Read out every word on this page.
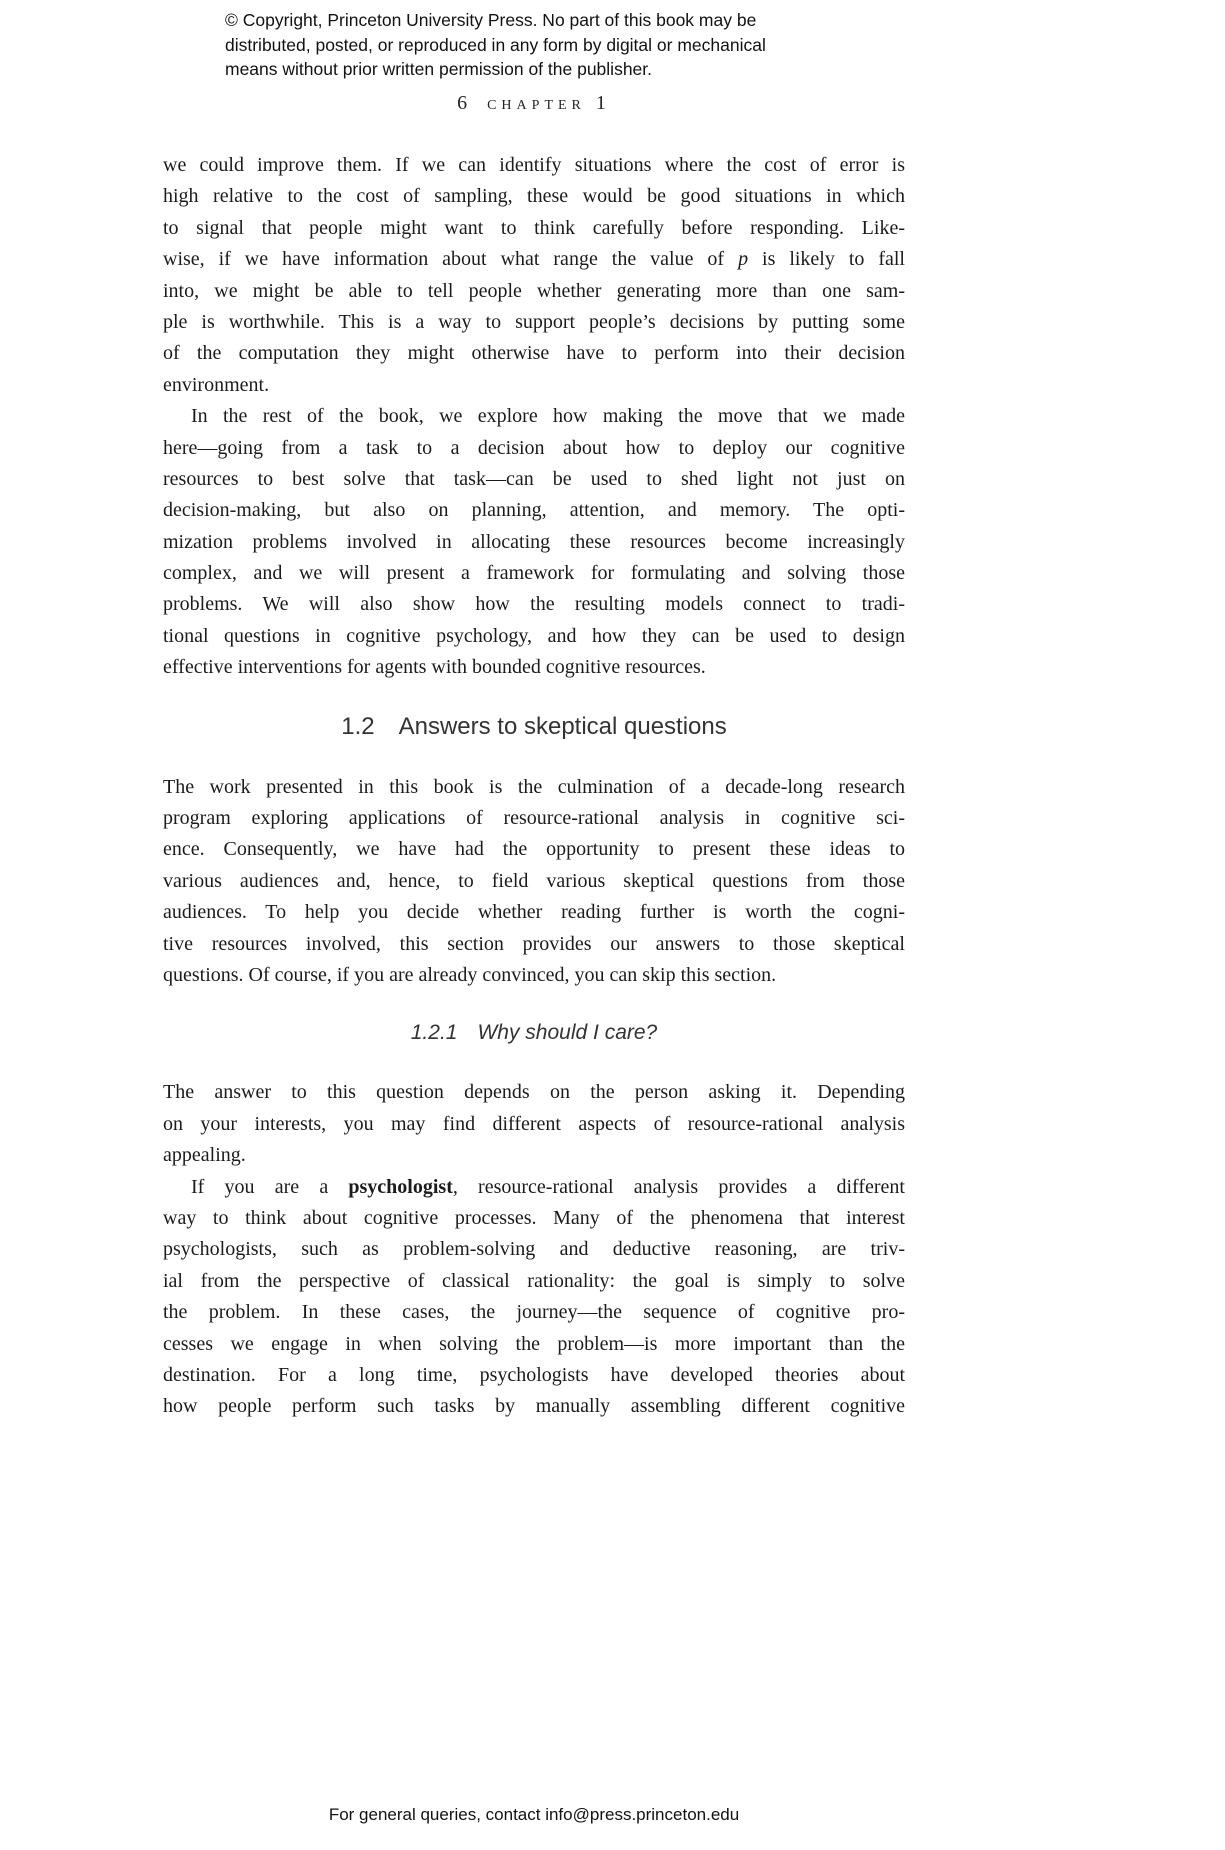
© Copyright, Princeton University Press. No part of this book may be
distributed, posted, or reproduced in any form by digital or mechanical
means without prior written permission of the publisher.
6 chapter 1
we could improve them. If we can identify situations where the cost of error is
high relative to the cost of sampling, these would be good situations in which
to signal that people might want to think carefully before responding. Like-
wise, if we have information about what range the value of p is likely to fall
into, we might be able to tell people whether generating more than one sam-
ple is worthwhile. This is a way to support people’s decisions by putting some
of the computation they might otherwise have to perform into their decision
environment.
In the rest of the book, we explore how making the move that we made
here—going from a task to a decision about how to deploy our cognitive
resources to best solve that task—can be used to shed light not just on
decision-making, but also on planning, attention, and memory. The opti-
mization problems involved in allocating these resources become increasingly
complex, and we will present a framework for formulating and solving those
problems. We will also show how the resulting models connect to tradi-
tional questions in cognitive psychology, and how they can be used to design
effective interventions for agents with bounded cognitive resources.
1.2 Answers to skeptical questions
The work presented in this book is the culmination of a decade-long research
program exploring applications of resource-rational analysis in cognitive sci-
ence. Consequently, we have had the opportunity to present these ideas to
various audiences and, hence, to field various skeptical questions from those
audiences. To help you decide whether reading further is worth the cogni-
tive resources involved, this section provides our answers to those skeptical
questions. Of course, if you are already convinced, you can skip this section.
1.2.1 Why should I care?
The answer to this question depends on the person asking it. Depending
on your interests, you may find different aspects of resource-rational analysis
appealing.
If you are a psychologist, resource-rational analysis provides a different
way to think about cognitive processes. Many of the phenomena that interest
psychologists, such as problem-solving and deductive reasoning, are triv-
ial from the perspective of classical rationality: the goal is simply to solve
the problem. In these cases, the journey—the sequence of cognitive pro-
cesses we engage in when solving the problem—is more important than the
destination. For a long time, psychologists have developed theories about
how people perform such tasks by manually assembling different cognitive
For general queries, contact info@press.princeton.edu
